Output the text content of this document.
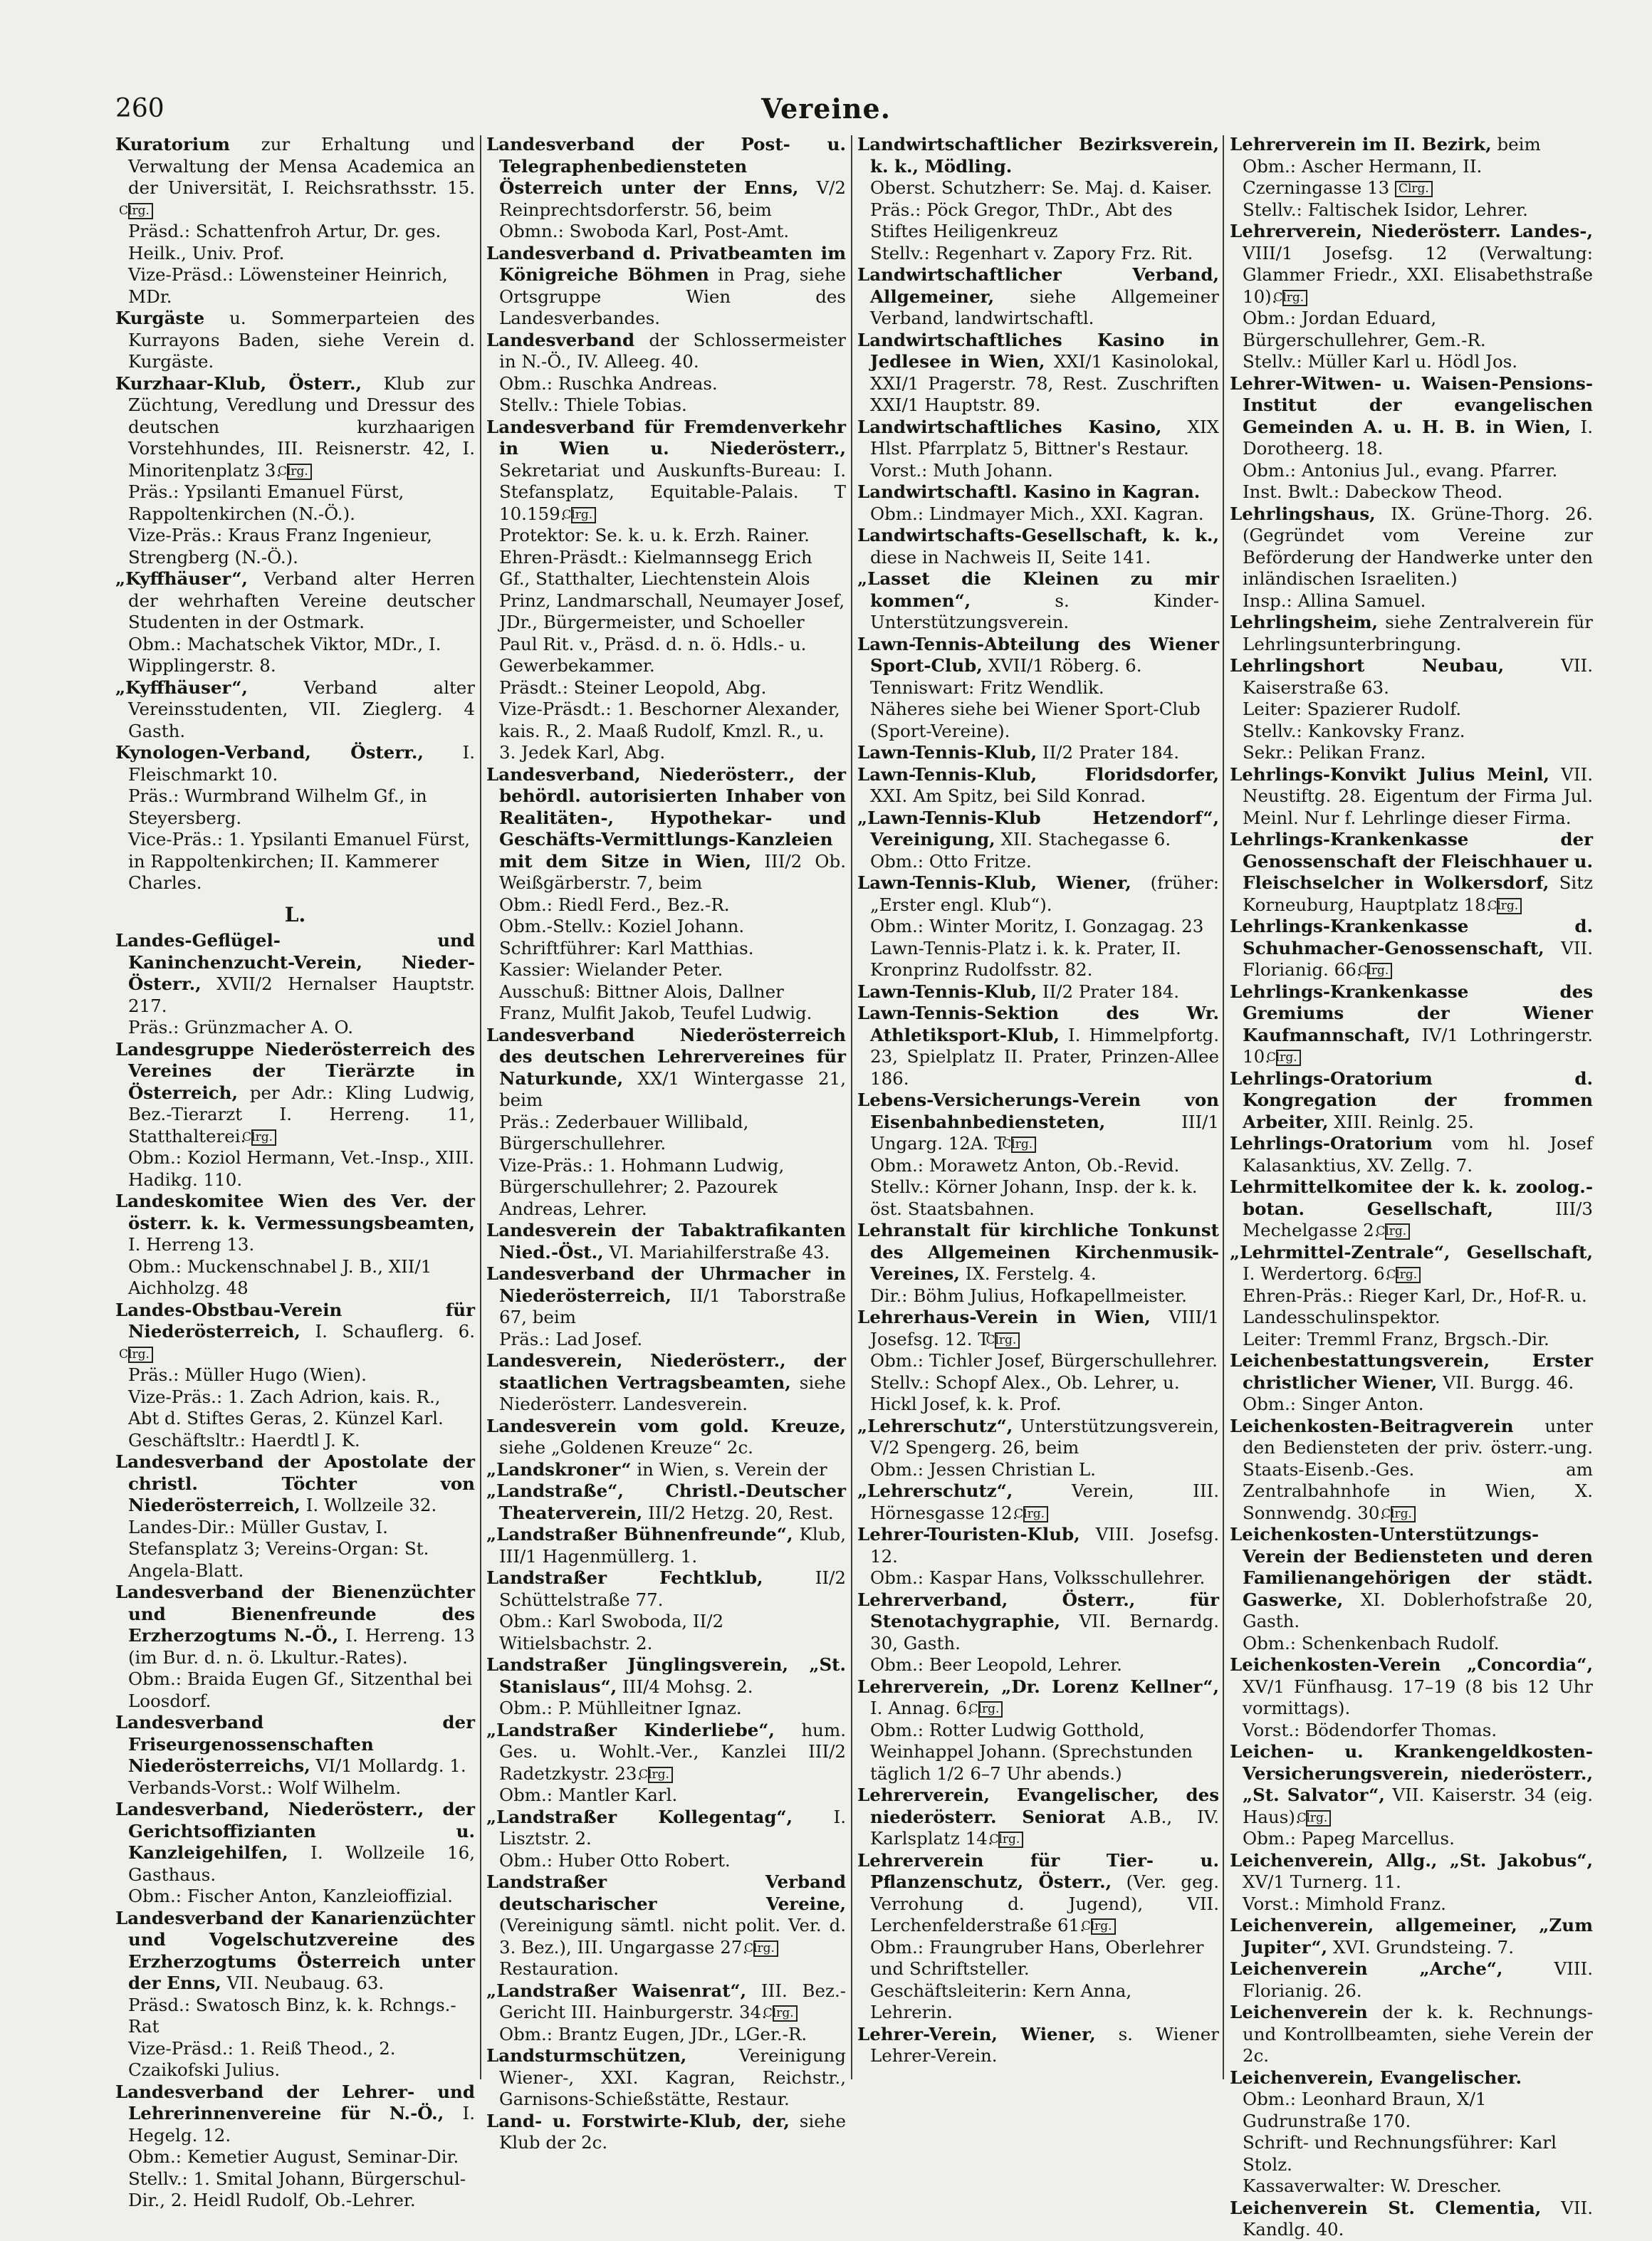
260	Vereine.

Kuratorium zur Erhaltung und Verwaltung der Mensa Academica an der Universität, I. Reichsrathsstr. 15. Clrg.

Präsd.: Schattenfroh Artur, Dr. ges. Heilk., Univ. Prof.

Vize-Präsd.: Löwensteiner Heinrich, MDr.

Kurgäste u. Sommerparteien des Kurrayons Baden, siehe Verein d. Kurgäste.

Kurzhaar-Klub, Österr., Klub zur Züchtung, Veredlung und Dressur des deutschen kurzhaarigen Vorstehhundes, III. Reisnerstr. 42, I. Minoritenplatz 3. Clrg.

Präs.: Ypsilanti Emanuel Fürst, Rappoltenkirchen (N.-Ö.).

Vize-Präs.: Kraus Franz Ingenieur, Strengberg (N.-Ö.).

„Kyffhäuser“, Verband alter Herren der wehrhaften Vereine deutscher Studenten in der Ostmark.

Obm.: Machatschek Viktor, MDr., I. Wipplingerstr. 8.

„Kyffhäuser“, Verband alter Vereinsstudenten, VII. Zieglerg. 4 Gasth.

Kynologen-Verband, Österr., I. Fleischmarkt 10.

Präs.: Wurmbrand Wilhelm Gf., in Steyersberg.

Vice-Präs.: 1. Ypsilanti Emanuel Fürst, in Rappoltenkirchen; II. Kammerer Charles.

L.

Landes-Geflügel- und Kaninchenzucht-Verein, Nieder-Österr., XVII/2 Hernalser Hauptstr. 217.

Präs.: Grünzmacher A. O.

Landesgruppe Niederösterreich des Vereines der Tierärzte in Österreich, per Adr.: Kling Ludwig, Bez.-Tierarzt I. Herreng. 11, Statthalterei. Clrg.

Obm.: Koziol Hermann, Vet.-Insp., XIII. Hadikg. 110.

Landeskomitee Wien des Ver. der österr. k. k. Vermessungsbeamten, I. Herreng 13.

Obm.: Muckenschnabel J. B., XII/1 Aichholzg. 48

Landes-Obstbau-Verein für Niederösterreich, I. Schauflerg. 6. Clrg.

Präs.: Müller Hugo (Wien).

Vize-Präs.: 1. Zach Adrion, kais. R., Abt d. Stiftes Geras, 2. Künzel Karl.

Geschäftsltr.: Haerdtl J. K.

Landesverband der Apostolate der christl. Töchter von Niederösterreich, I. Wollzeile 32.

Landes-Dir.: Müller Gustav, I. Stefansplatz 3; Vereins-Organ: St. Angela-Blatt.

Landesverband der Bienenzüchter und Bienenfreunde des Erzherzogtums N.-Ö., I. Herreng. 13 (im Bur. d. n. ö. Lkultur.-Rates).

Obm.: Braida Eugen Gf., Sitzenthal bei Loosdorf.

Landesverband der Friseurgenossenschaften Niederösterreichs, VI/1 Mollardg. 1.

Verbands-Vorst.: Wolf Wilhelm.

Landesverband, Niederösterr., der Gerichtsoffizianten u. Kanzleigehilfen, I. Wollzeile 16, Gasthaus.

Obm.: Fischer Anton, Kanzleioffizial.

Landesverband der Kanarienzüchter und Vogelschutzvereine des Erzherzogtums Österreich unter der Enns, VII. Neubaug. 63.

Präsd.: Swatosch Binz, k. k. Rchngs.-Rat

Vize-Präsd.: 1. Reiß Theod., 2. Czaikofski Julius.

Landesverband der Lehrer- und Lehrerinnenvereine für N.-Ö., I. Hegelg. 12.

Obm.: Kemetier August, Seminar-Dir.

Stellv.: 1. Smital Johann, Bürgerschul-Dir., 2. Heidl Rudolf, Ob.-Lehrer.

Landesverband der Post- u. Telegraphenbediensteten Österreich unter der Enns, V/2 Reinprechtsdorferstr. 56, beim

Obmn.: Swoboda Karl, Post-Amt.

Landesverband d. Privatbeamten im Königreiche Böhmen in Prag, siehe Ortsgruppe Wien des Landesverbandes.

Landesverband der Schlossermeister in N.-Ö., IV. Alleeg. 40.

Obm.: Ruschka Andreas.

Stellv.: Thiele Tobias.

Landesverband für Fremdenverkehr in Wien u. Niederösterr., Sekretariat und Auskunfts-Bureau: I. Stefansplatz, Equitable-Palais. T 10.159. Clrg.

Protektor: Se. k. u. k. Erzh. Rainer.

Ehren-Präsdt.: Kielmannsegg Erich Gf., Statthalter, Liechtenstein Alois Prinz, Landmarschall, Neumayer Josef, JDr., Bürgermeister, und Schoeller Paul Rit. v., Präsd. d. n. ö. Hdls.- u. Gewerbekammer.

Präsdt.: Steiner Leopold, Abg.

Vize-Präsdt.: 1. Beschorner Alexander, kais. R., 2. Maaß Rudolf, Kmzl. R., u. 3. Jedek Karl, Abg.

Landesverband, Niederösterr., der behördl. autorisierten Inhaber von Realitäten-, Hypothekar- und Geschäfts-Vermittlungs-Kanzleien mit dem Sitze in Wien, III/2 Ob. Weißgärberstr. 7, beim

Obm.: Riedl Ferd., Bez.-R.

Obm.-Stellv.: Koziel Johann.

Schriftführer: Karl Matthias.

Kassier: Wielander Peter.

Ausschuß: Bittner Alois, Dallner Franz, Mulfit Jakob, Teufel Ludwig.

Landesverband Niederösterreich des deutschen Lehrervereines für Naturkunde, XX/1 Wintergasse 21, beim

Präs.: Zederbauer Willibald, Bürgerschullehrer.

Vize-Präs.: 1. Hohmann Ludwig, Bürgerschullehrer; 2. Pazourek Andreas, Lehrer.

Landesverein der Tabaktrafikanten Nied.-Öst., VI. Mariahilferstraße 43.

Landesverband der Uhrmacher in Niederösterreich, II/1 Taborstraße 67, beim

Präs.: Lad Josef.

Landesverein, Niederösterr., der staatlichen Vertragsbeamten, siehe Niederösterr. Landesverein.

Landesverein vom gold. Kreuze, siehe „Goldenen Kreuze“ 2c.

„Landskroner“ in Wien, s. Verein der

„Landstraße“, Christl.-Deutscher Theaterverein, III/2 Hetzg. 20, Rest.

„Landstraßer Bühnenfreunde“, Klub, III/1 Hagenmüllerg. 1.

Landstraßer Fechtklub, II/2 Schüttelstraße 77.

Obm.: Karl Swoboda, II/2 Witielsbachstr. 2.

Landstraßer Jünglingsverein, „St. Stanislaus“, III/4 Mohsg. 2.

Obm.: P. Mühlleitner Ignaz.

„Landstraßer Kinderliebe“, hum. Ges. u. Wohlt.-Ver., Kanzlei III/2 Radetzkystr. 23. Clrg.

Obm.: Mantler Karl.

„Landstraßer Kollegentag“, I. Lisztstr. 2.

Obm.: Huber Otto Robert.

Landstraßer Verband deutscharischer Vereine, (Vereinigung sämtl. nicht polit. Ver. d. 3. Bez.), III. Ungargasse 27. Clrg.

Restauration.

„Landstraßer Waisenrat“, III. Bez.-Gericht III. Hainburgerstr. 34. Clrg.

Obm.: Brantz Eugen, JDr., LGer.-R.

Landsturmschützen, Vereinigung Wiener-, XXI. Kagran, Reichstr., Garnisons-Schießstätte, Restaur.

Land- u. Forstwirte-Klub, der, siehe Klub der 2c.

Landwirtschaftlicher Bezirksverein, k. k., Mödling.

Oberst. Schutzherr: Se. Maj. d. Kaiser.

Präs.: Pöck Gregor, ThDr., Abt des Stiftes Heiligenkreuz

Stellv.: Regenhart v. Zapory Frz. Rit.

Landwirtschaftlicher Verband, Allgemeiner, siehe Allgemeiner Verband, landwirtschaftl.

Landwirtschaftliches Kasino in Jedlesee in Wien, XXI/1 Kasinolokal, XXI/1 Pragerstr. 78, Rest. Zuschriften XXI/1 Hauptstr. 89.

Landwirtschaftliches Kasino, XIX Hlst. Pfarrplatz 5, Bittner's Restaur.

Vorst.: Muth Johann.

Landwirtschaftl. Kasino in Kagran.

Obm.: Lindmayer Mich., XXI. Kagran.

Landwirtschafts-Gesellschaft, k. k., diese in Nachweis II, Seite 141.

„Lasset die Kleinen zu mir kommen“, s. Kinder-Unterstützungsverein.

Lawn-Tennis-Abteilung des Wiener Sport-Club, XVII/1 Röberg. 6.

Tenniswart: Fritz Wendlik.

Näheres siehe bei Wiener Sport-Club (Sport-Vereine).

Lawn-Tennis-Klub, II/2 Prater 184.

Lawn-Tennis-Klub, Floridsdorfer, XXI. Am Spitz, bei Sild Konrad.

„Lawn-Tennis-Klub Hetzendorf“, Vereinigung, XII. Stachegasse 6.

Obm.: Otto Fritze.

Lawn-Tennis-Klub, Wiener, (früher: „Erster engl. Klub“).

Obm.: Winter Moritz, I. Gonzagag. 23 Lawn-Tennis-Platz i. k. k. Prater, II. Kronprinz Rudolfsstr. 82.

Lawn-Tennis-Klub, II/2 Prater 184.

Lawn-Tennis-Sektion des Wr. Athletiksport-Klub, I. Himmelpfortg. 23, Spielplatz II. Prater, Prinzen-Allee 186.

Lebens-Versicherungs-Verein von Eisenbahnbediensteten, III/1 Ungarg. 12A. T Clrg.

Obm.: Morawetz Anton, Ob.-Revid.

Stellv.: Körner Johann, Insp. der k. k. öst. Staatsbahnen.

Lehranstalt für kirchliche Tonkunst des Allgemeinen Kirchenmusik-Vereines, IX. Ferstelg. 4.

Dir.: Böhm Julius, Hofkapellmeister.

Lehrerhaus-Verein in Wien, VIII/1 Josefsg. 12. T Clrg.

Obm.: Tichler Josef, Bürgerschullehrer.

Stellv.: Schopf Alex., Ob. Lehrer, u. Hickl Josef, k. k. Prof.

„Lehrerschutz“, Unterstützungsverein, V/2 Spengerg. 26, beim

Obm.: Jessen Christian L.

„Lehrerschutz“, Verein, III. Hörnesgasse 12. Clrg.

Lehrer-Touristen-Klub, VIII. Josefsg. 12.

Obm.: Kaspar Hans, Volksschullehrer.

Lehrerverband, Österr., für Stenotachygraphie, VII. Bernardg. 30, Gasth.

Obm.: Beer Leopold, Lehrer.

Lehrerverein, „Dr. Lorenz Kellner“, I. Annag. 6. Clrg.

Obm.: Rotter Ludwig Gotthold, Weinhappel Johann. (Sprechstunden täglich 1/2 6–7 Uhr abends.)

Lehrerverein, Evangelischer, des niederösterr. Seniorat A.B., IV. Karlsplatz 14. Clrg.

Lehrerverein für Tier- u. Pflanzenschutz, Österr., (Ver. geg. Verrohung d. Jugend), VII. Lerchenfelderstraße 61. Clrg.

Obm.: Fraungruber Hans, Oberlehrer und Schriftsteller.

Geschäftsleiterin: Kern Anna, Lehrerin.

Lehrer-Verein, Wiener, s. Wiener Lehrer-Verein.

Lehrerverein im II. Bezirk, beim

Obm.: Ascher Hermann, II. Czerningasse 13 Clrg.

Stellv.: Faltischek Isidor, Lehrer.

Lehrerverein, Niederösterr. Landes-, VIII/1 Josefsg. 12 (Verwaltung: Glammer Friedr., XXI. Elisabethstraße 10). Clrg.

Obm.: Jordan Eduard, Bürgerschullehrer, Gem.-R.

Stellv.: Müller Karl u. Hödl Jos.

Lehrer-Witwen- u. Waisen-Pensions-Institut der evangelischen Gemeinden A. u. H. B. in Wien, I. Dorotheerg. 18.

Obm.: Antonius Jul., evang. Pfarrer.

Inst. Bwlt.: Dabeckow Theod.

Lehrlingshaus, IX. Grüne-Thorg. 26. (Gegründet vom Vereine zur Beförderung der Handwerke unter den inländischen Israeliten.)

Insp.: Allina Samuel.

Lehrlingsheim, siehe Zentralverein für Lehrlingsunterbringung.

Lehrlingshort Neubau, VII. Kaiserstraße 63.

Leiter: Spazierer Rudolf.

Stellv.: Kankovsky Franz.

Sekr.: Pelikan Franz.

Lehrlings-Konvikt Julius Meinl, VII. Neustiftg. 28. Eigentum der Firma Jul. Meinl. Nur f. Lehrlinge dieser Firma.

Lehrlings-Krankenkasse der Genossenschaft der Fleischhauer u. Fleischselcher in Wolkersdorf, Sitz Korneuburg, Hauptplatz 18. Clrg.

Lehrlings-Krankenkasse d. Schuhmacher-Genossenschaft, VII. Florianig. 66. Clrg.

Lehrlings-Krankenkasse des Gremiums der Wiener Kaufmannschaft, IV/1 Lothringerstr. 10. Clrg.

Lehrlings-Oratorium d. Kongregation der frommen Arbeiter, XIII. Reinlg. 25.

Lehrlings-Oratorium vom hl. Josef Kalasanktius, XV. Zellg. 7.

Lehrmittelkomitee der k. k. zoolog.-botan. Gesellschaft, III/3 Mechelgasse 2. Clrg.

„Lehrmittel-Zentrale“, Gesellschaft, I. Werdertorg. 6. Clrg.

Ehren-Präs.: Rieger Karl, Dr., Hof-R. u. Landesschulinspektor.

Leiter: Tremml Franz, Brgsch.-Dir.

Leichenbestattungsverein, Erster christlicher Wiener, VII. Burgg. 46.

Obm.: Singer Anton.

Leichenkosten-Beitragverein unter den Bediensteten der priv. österr.-ung. Staats-Eisenb.-Ges. am Zentralbahnhofe in Wien, X. Sonnwendg. 30. Clrg.

Leichenkosten-Unterstützungs-Verein der Bediensteten und deren Familienangehörigen der städt. Gaswerke, XI. Doblerhofstraße 20, Gasth.

Obm.: Schenkenbach Rudolf.

Leichenkosten-Verein „Concordia“, XV/1 Fünfhausg. 17–19 (8 bis 12 Uhr vormittags).

Vorst.: Bödendorfer Thomas.

Leichen- u. Krankengeldkosten-Versicherungsverein, niederösterr., „St. Salvator“, VII. Kaiserstr. 34 (eig. Haus). Clrg.

Obm.: Papeg Marcellus.

Leichenverein, Allg., „St. Jakobus“, XV/1 Turnerg. 11.

Vorst.: Mimhold Franz.

Leichenverein, allgemeiner, „Zum Jupiter“, XVI. Grundsteing. 7.

Leichenverein „Arche“, VIII. Florianig. 26.

Leichenverein der k. k. Rechnungs- und Kontrollbeamten, siehe Verein der 2c.

Leichenverein, Evangelischer.

Obm.: Leonhard Braun, X/1 Gudrunstraße 170.

Schrift- und Rechnungsführer: Karl Stolz.

Kassaverwalter: W. Drescher.

Leichenverein St. Clementia, VII. Kandlg. 40.
